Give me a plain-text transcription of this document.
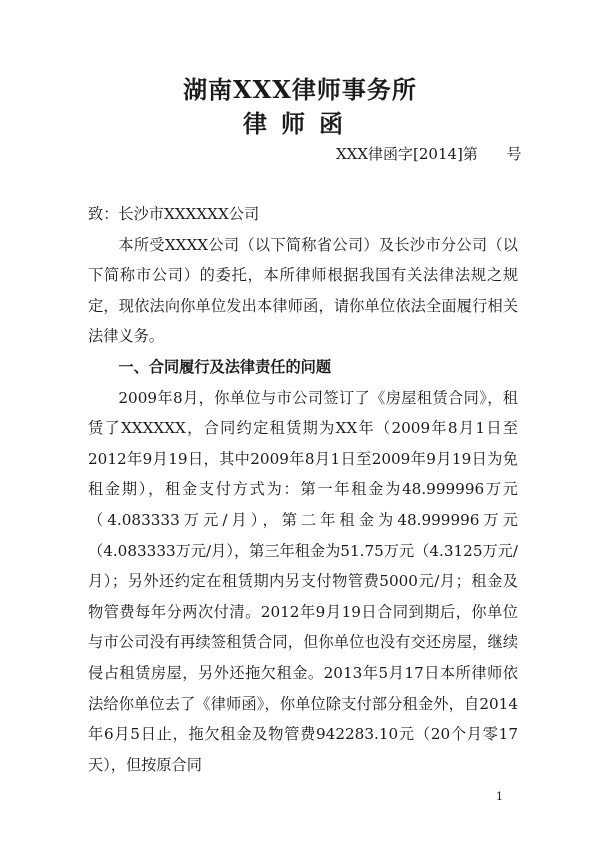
湖南XXX律师事务所
律师函
XXX律函字[2014]第      号

致：长沙市XXXXXX公司

本所受XXXX公司（以下简称省公司）及长沙市分公司（以下简称市公司）的委托，本所律师根据我国有关法律法规之规定，现依法向你单位发出本律师函，请你单位依法全面履行相关法律义务。

一、合同履行及法律责任的问题

2009年8月，你单位与市公司签订了《房屋租赁合同》，租赁了XXXXXX，合同约定租赁期为XX年（2009年8月1日至2012年9月19日，其中2009年8月1日至2009年9月19日为免租金期），租金支付方式为：第一年租金为48.999996万元（4.083333万元/月），第二年租金为48.999996万元（4.083333万元/月），第三年租金为51.75万元（4.3125万元/月）；另外还约定在租赁期内另支付物管费5000元/月；租金及物管费每年分两次付清。2012年9月19日合同到期后，你单位与市公司没有再续签租赁合同，但你单位也没有交还房屋，继续侵占租赁房屋，另外还拖欠租金。2013年5月17日本所律师依法给你单位去了《律师函》，你单位除支付部分租金外，自2014年6月5日止，拖欠租金及物管费942283.10元（20个月零17天），但按原合同

1
